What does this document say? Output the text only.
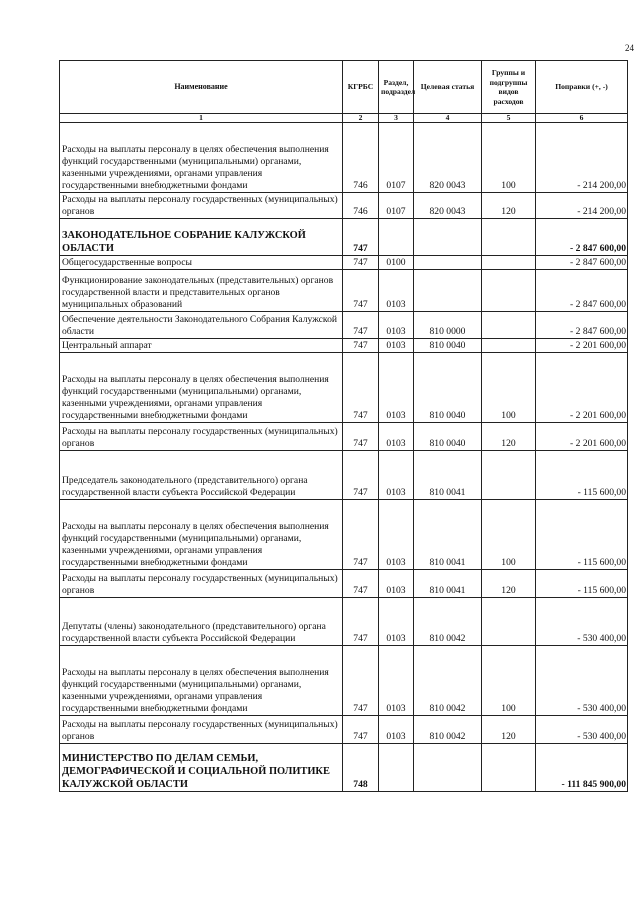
24
Наименование	КГРБС	Раздел, подраздел	Целевая статья	Группы и подгруппы видов расходов	Поправки (+, -)
1	2	3	4	5	6
Расходы на выплаты персоналу в целях обеспечения выполнения функций государственными (муниципальными) органами, казенными учреждениями, органами управления государственными внебюджетными фондами	746	0107	820 0043	100	- 214 200,00
Расходы на выплаты персоналу государственных (муниципальных) органов	746	0107	820 0043	120	- 214 200,00
ЗАКОНОДАТЕЛЬНОЕ СОБРАНИЕ КАЛУЖСКОЙ ОБЛАСТИ	747				- 2 847 600,00
Общегосударственные вопросы	747	0100			- 2 847 600,00
Функционирование законодательных (представительных) органов государственной власти и представительных органов муниципальных образований	747	0103			- 2 847 600,00
Обеспечение деятельности Законодательного Собрания Калужской области	747	0103	810 0000		- 2 847 600,00
Центральный аппарат	747	0103	810 0040		- 2 201 600,00
Расходы на выплаты персоналу в целях обеспечения выполнения функций государственными (муниципальными) органами, казенными учреждениями, органами управления государственными внебюджетными фондами	747	0103	810 0040	100	- 2 201 600,00
Расходы на выплаты персоналу государственных (муниципальных) органов	747	0103	810 0040	120	- 2 201 600,00
Председатель законодательного (представительного) органа государственной власти субъекта Российской Федерации	747	0103	810 0041		- 115 600,00
Расходы на выплаты персоналу в целях обеспечения выполнения функций государственными (муниципальными) органами, казенными учреждениями, органами управления государственными внебюджетными фондами	747	0103	810 0041	100	- 115 600,00
Расходы на выплаты персоналу государственных (муниципальных) органов	747	0103	810 0041	120	- 115 600,00
Депутаты (члены) законодательного (представительного) органа государственной власти субъекта Российской Федерации	747	0103	810 0042		- 530 400,00
Расходы на выплаты персоналу в целях обеспечения выполнения функций государственными (муниципальными) органами, казенными учреждениями, органами управления государственными внебюджетными фондами	747	0103	810 0042	100	- 530 400,00
Расходы на выплаты персоналу государственных (муниципальных) органов	747	0103	810 0042	120	- 530 400,00
МИНИСТЕРСТВО ПО ДЕЛАМ СЕМЬИ, ДЕМОГРАФИЧЕСКОЙ И СОЦИАЛЬНОЙ ПОЛИТИКЕ КАЛУЖСКОЙ ОБЛАСТИ	748				- 111 845 900,00
